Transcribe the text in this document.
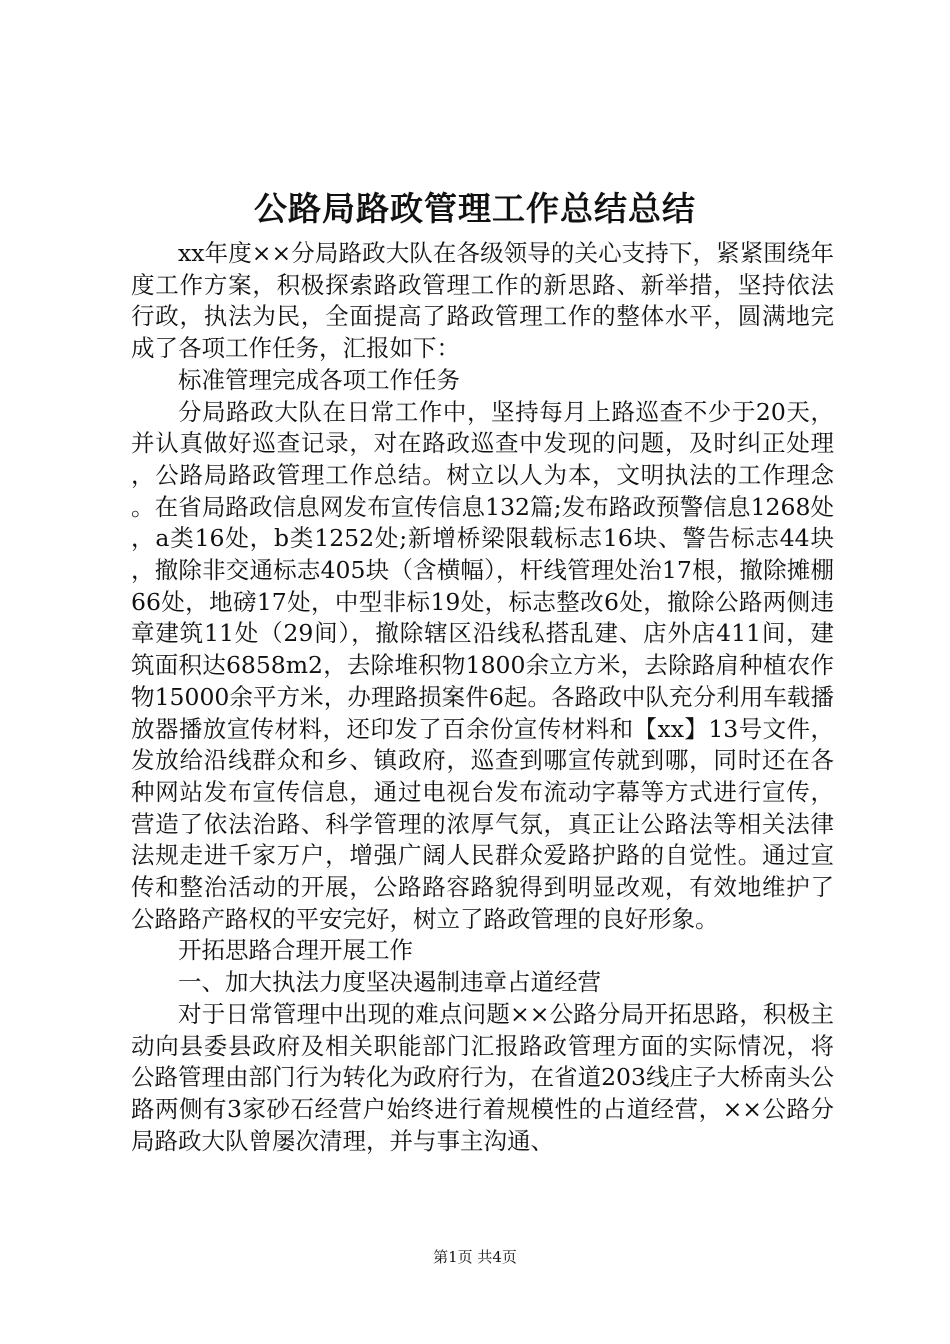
公路局路政管理工作总结总结

xx年度××分局路政大队在各级领导的关心支持下，紧紧围绕年度工作方案，积极探索路政管理工作的新思路、新举措，坚持依法行政，执法为民，全面提高了路政管理工作的整体水平，圆满地完成了各项工作任务，汇报如下：

标准管理完成各项工作任务

分局路政大队在日常工作中，坚持每月上路巡查不少于20天，并认真做好巡查记录，对在路政巡查中发现的问题，及时纠正处理，公路局路政管理工作总结。树立以人为本，文明执法的工作理念。在省局路政信息网发布宣传信息132篇;发布路政预警信息1268处，a类16处，b类1252处;新增桥梁限载标志16块、警告标志44块，撤除非交通标志405块（含横幅），杆线管理处治17根，撤除摊棚66处，地磅17处，中型非标19处，标志整改6处，撤除公路两侧违章建筑11处（29间），撤除辖区沿线私搭乱建、店外店411间，建筑面积达6858m2，去除堆积物1800余立方米，去除路肩种植农作物15000余平方米，办理路损案件6起。各路政中队充分利用车载播放器播放宣传材料，还印发了百余份宣传材料和【xx】13号文件，发放给沿线群众和乡、镇政府，巡查到哪宣传就到哪，同时还在各种网站发布宣传信息，通过电视台发布流动字幕等方式进行宣传，营造了依法治路、科学管理的浓厚气氛，真正让公路法等相关法律法规走进千家万户，增强广阔人民群众爱路护路的自觉性。通过宣传和整治活动的开展，公路路容路貌得到明显改观，有效地维护了公路路产路权的平安完好，树立了路政管理的良好形象。

开拓思路合理开展工作

一、加大执法力度坚决遏制违章占道经营

对于日常管理中出现的难点问题××公路分局开拓思路，积极主动向县委县政府及相关职能部门汇报路政管理方面的实际情况，将公路管理由部门行为转化为政府行为，在省道203线庄子大桥南头公路两侧有3家砂石经营户始终进行着规模性的占道经营，××公路分局路政大队曾屡次清理，并与事主沟通、

第1页 共4页
